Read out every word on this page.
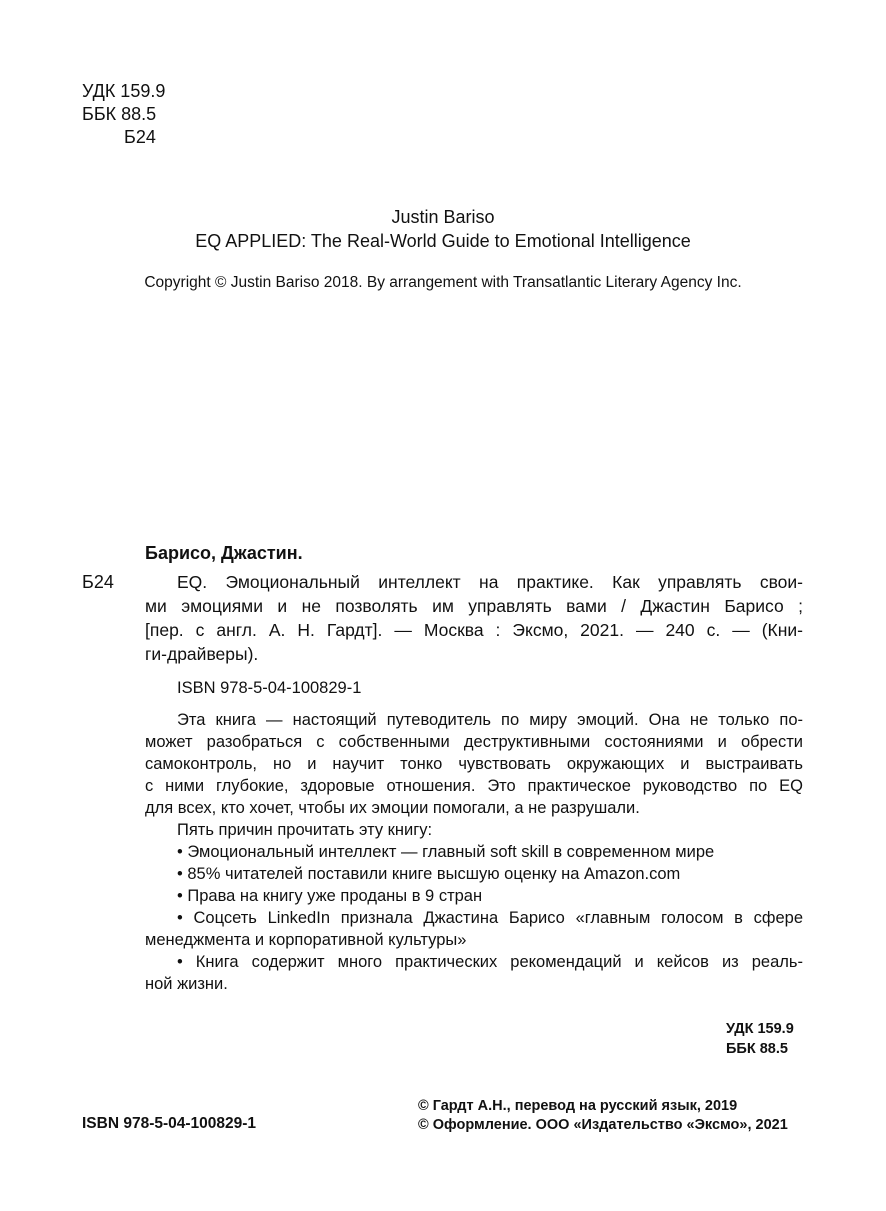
УДК 159.9
ББК 88.5
Б24
Justin Bariso
EQ APPLIED: The Real-World Guide to Emotional Intelligence
Copyright © Justin Bariso 2018. By arrangement with Transatlantic Literary Agency Inc.
Барисо, Джастин.
Б24	EQ. Эмоциональный интеллект на практике. Как управлять свои-
ми эмоциями и не позволять им управлять вами / Джастин Барисо ;
[пер. с англ. А. Н. Гардт]. — Москва : Эксмо, 2021. — 240 с. — (Кни-
ги-драйверы).
ISBN 978-5-04-100829-1
Эта книга — настоящий путеводитель по миру эмоций. Она не только по-
может разобраться с собственными деструктивными состояниями и обрести
самоконтроль, но и научит тонко чувствовать окружающих и выстраивать
с ними глубокие, здоровые отношения. Это практическое руководство по EQ
для всех, кто хочет, чтобы их эмоции помогали, а не разрушали.
Пять причин прочитать эту книгу:
• Эмоциональный интеллект — главный soft skill в современном мире
• 85% читателей поставили книге высшую оценку на Amazon.com
• Права на книгу уже проданы в 9 стран
• Соцсеть LinkedIn признала Джастина Барисо «главным голосом в сфере
менеджмента и корпоративной культуры»
• Книга содержит много практических рекомендаций и кейсов из реаль-
ной жизни.
УДК 159.9
ББК 88.5
ISBN 978-5-04-100829-1
© Гардт А.Н., перевод на русский язык, 2019
© Оформление. ООО «Издательство «Эксмо», 2021
